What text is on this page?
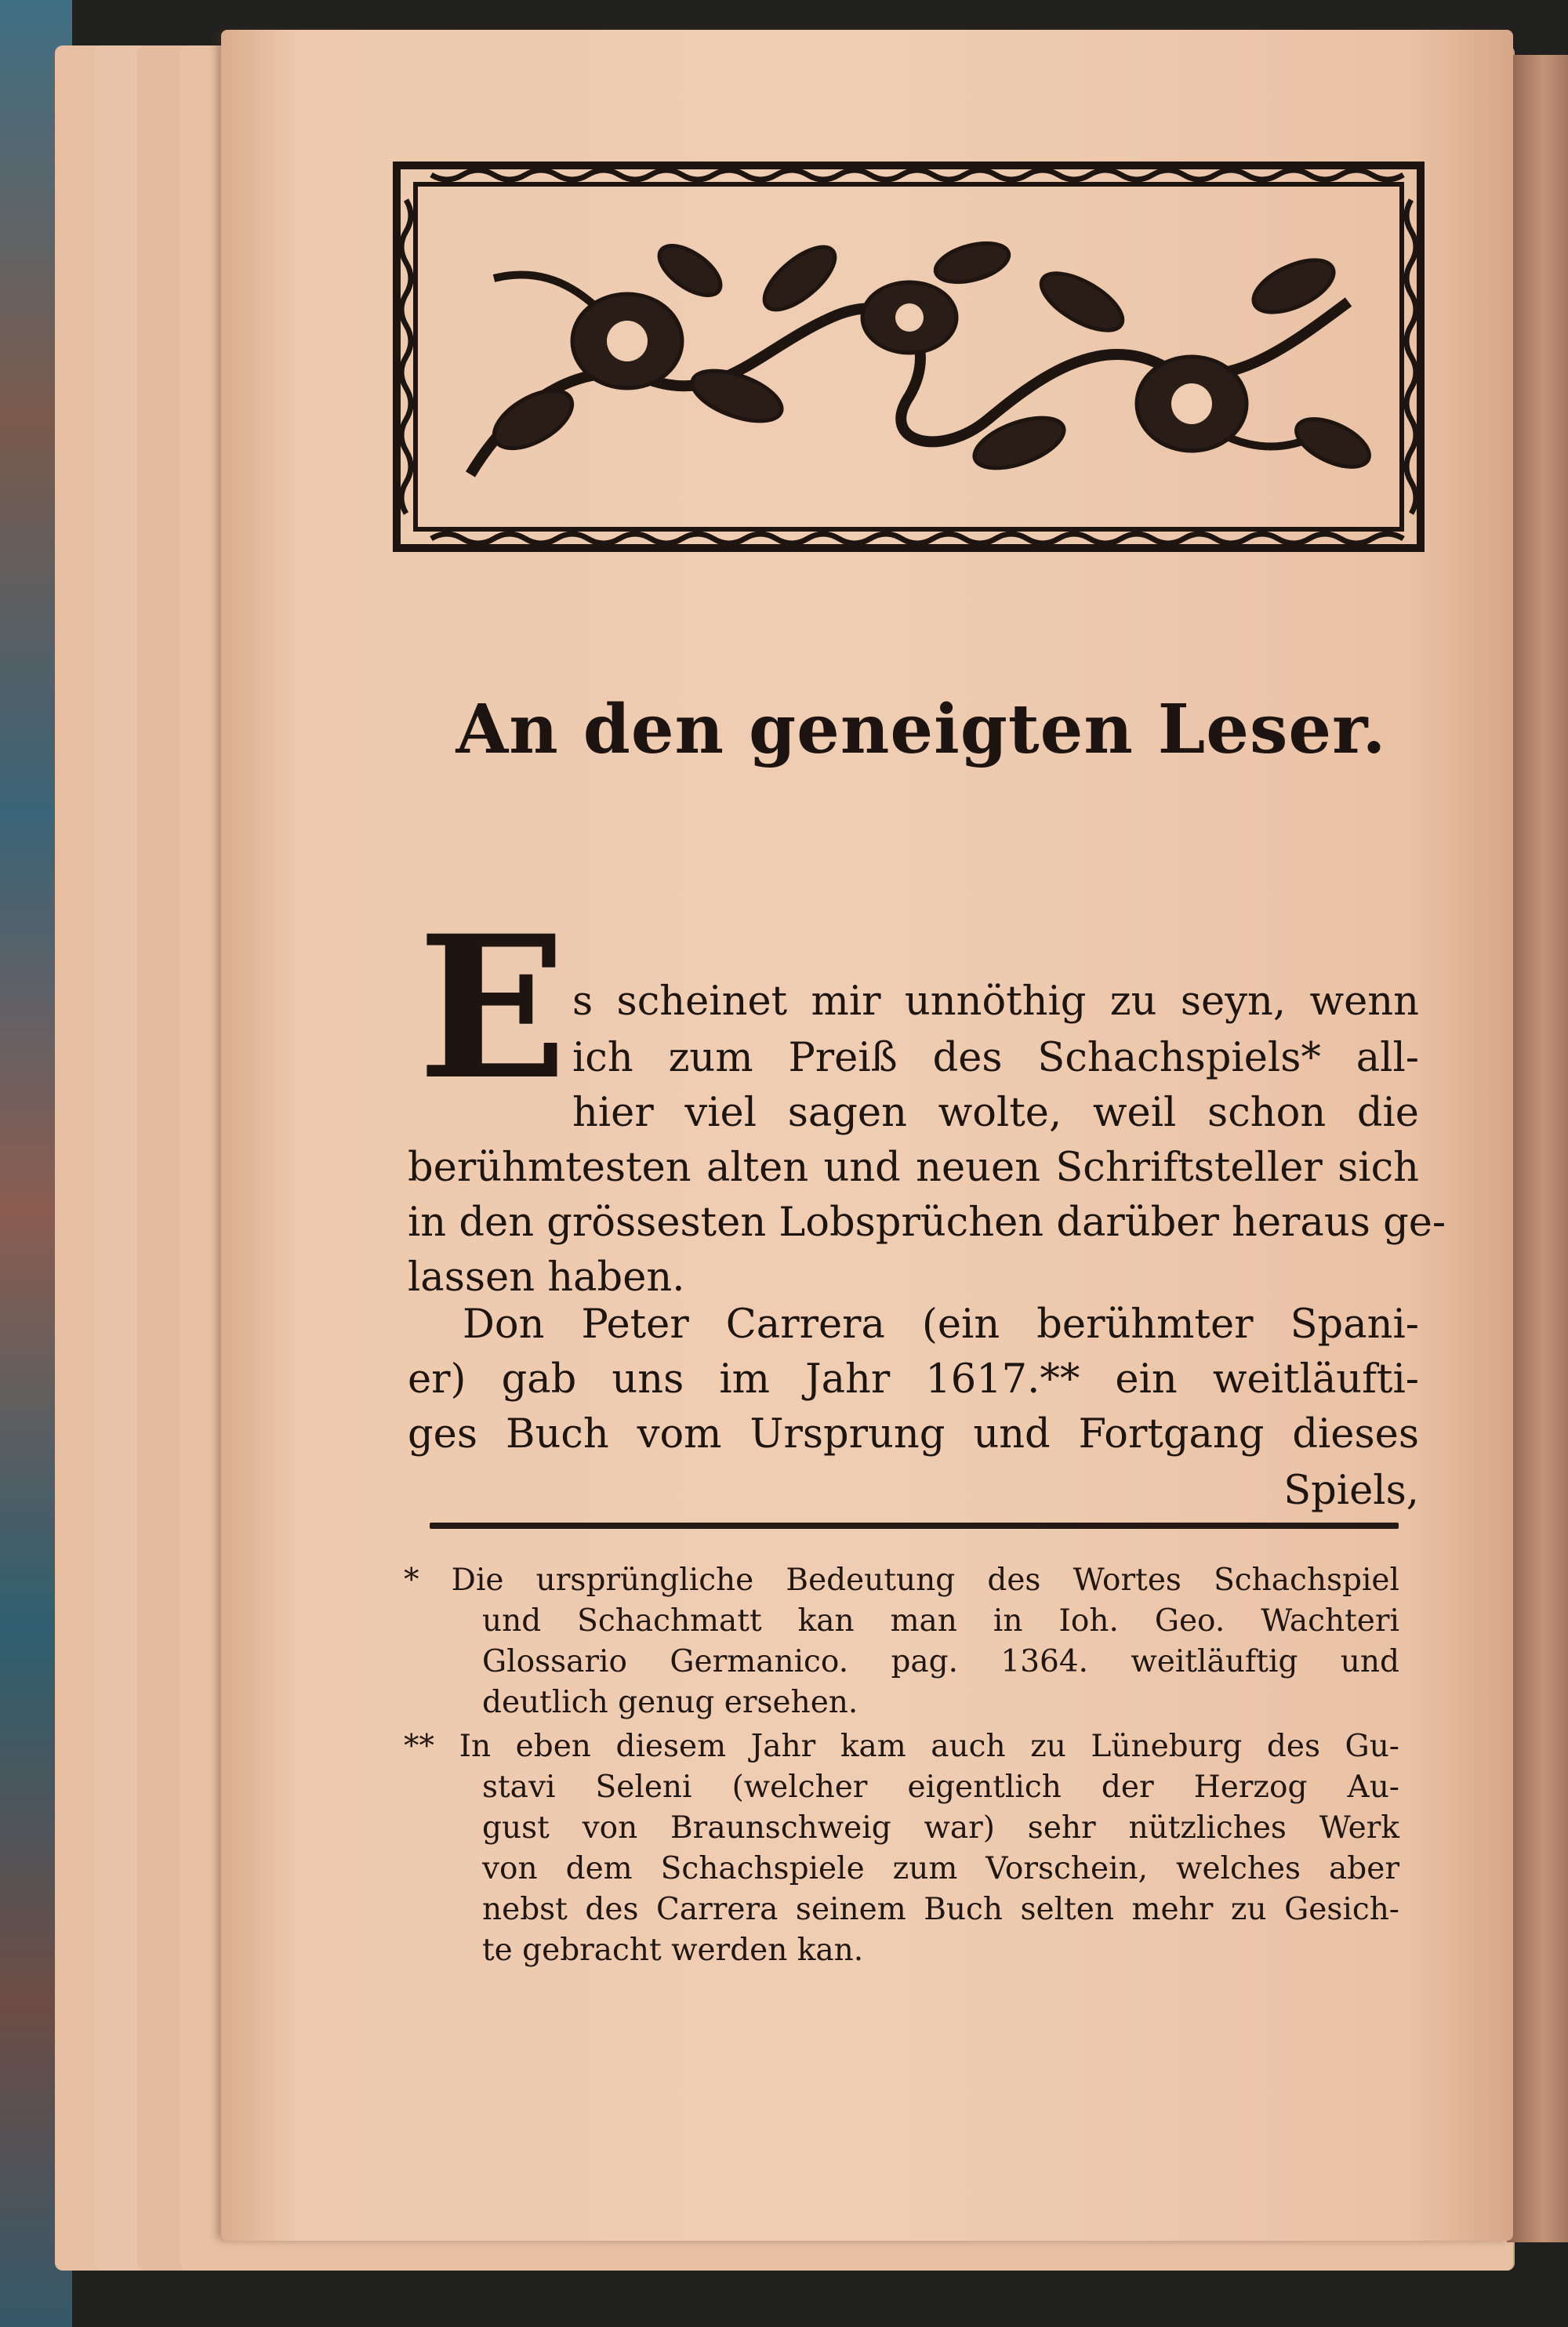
An den geneigten Leser.
E s scheinet mir unnöthig zu seyn, wenn
ich zum Preiß des Schachspiels* all-
hier viel sagen wolte, weil schon die
berühmtesten alten und neuen Schriftsteller sich
in den grössesten Lobsprüchen darüber heraus ge-
lassen haben.
Don Peter Carrera (ein berühmter Spani-
er) gab uns im Jahr 1617.** ein weitläufti-
ges Buch vom Ursprung und Fortgang dieses
Spiels,
* Die ursprüngliche Bedeutung des Wortes Schachspiel
und Schachmatt kan man in Ioh. Geo. Wachteri
Glossario Germanico. pag. 1364. weitläuftig und
deutlich genug ersehen.
** In eben diesem Jahr kam auch zu Lüneburg des Gu-
stavi Seleni (welcher eigentlich der Herzog Au-
gust von Braunschweig war) sehr nützliches Werk
von dem Schachspiele zum Vorschein, welches aber
nebst des Carrera seinem Buch selten mehr zu Gesich-
te gebracht werden kan.
